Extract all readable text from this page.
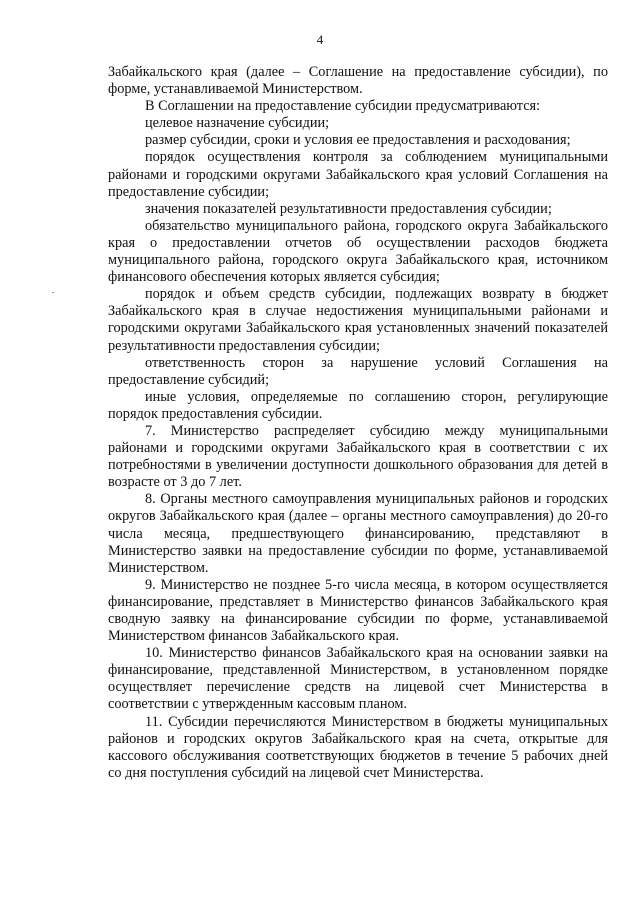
4

Забайкальского края (далее – Соглашение на предоставление субсидии), по форме, устанавливаемой Министерством.

В Соглашении на предоставление субсидии предусматриваются:

целевое назначение субсидии;

размер субсидии, сроки и условия ее предоставления и расходования;

порядок осуществления контроля за соблюдением муниципальными районами и городскими округами Забайкальского края условий Соглашения на предоставление субсидии;

значения показателей результативности предоставления субсидии;

обязательство муниципального района, городского округа Забайкальского края о предоставлении отчетов об осуществлении расходов бюджета муниципального района, городского округа Забайкальского края, источником финансового обеспечения которых является субсидия;

порядок и объем средств субсидии, подлежащих возврату в бюджет Забайкальского края в случае недостижения муниципальными районами и городскими округами Забайкальского края установленных значений показателей результативности предоставления субсидии;

ответственность сторон за нарушение условий Соглашения на предоставление субсидий;

иные условия, определяемые по соглашению сторон, регулирующие порядок предоставления субсидии.

7. Министерство распределяет субсидию между муниципальными районами и городскими округами Забайкальского края в соответствии с их потребностями в увеличении доступности дошкольного образования для детей в возрасте от 3 до 7 лет.

8. Органы местного самоуправления муниципальных районов и городских округов Забайкальского края (далее – органы местного самоуправления) до 20-го числа месяца, предшествующего финансированию, представляют в Министерство заявки на предоставление субсидии по форме, устанавливаемой Министерством.

9. Министерство не позднее 5-го числа месяца, в котором осуществляется финансирование, представляет в Министерство финансов Забайкальского края сводную заявку на финансирование субсидии по форме, устанавливаемой Министерством финансов Забайкальского края.

10. Министерство финансов Забайкальского края на основании заявки на финансирование, представленной Министерством, в установленном порядке осуществляет перечисление средств на лицевой счет Министерства в соответствии с утвержденным кассовым планом.

11. Субсидии перечисляются Министерством в бюджеты муниципальных районов и городских округов Забайкальского края на счета, открытые для кассового обслуживания соответствующих бюджетов в течение 5 рабочих дней со дня поступления субсидий на лицевой счет Министерства.
